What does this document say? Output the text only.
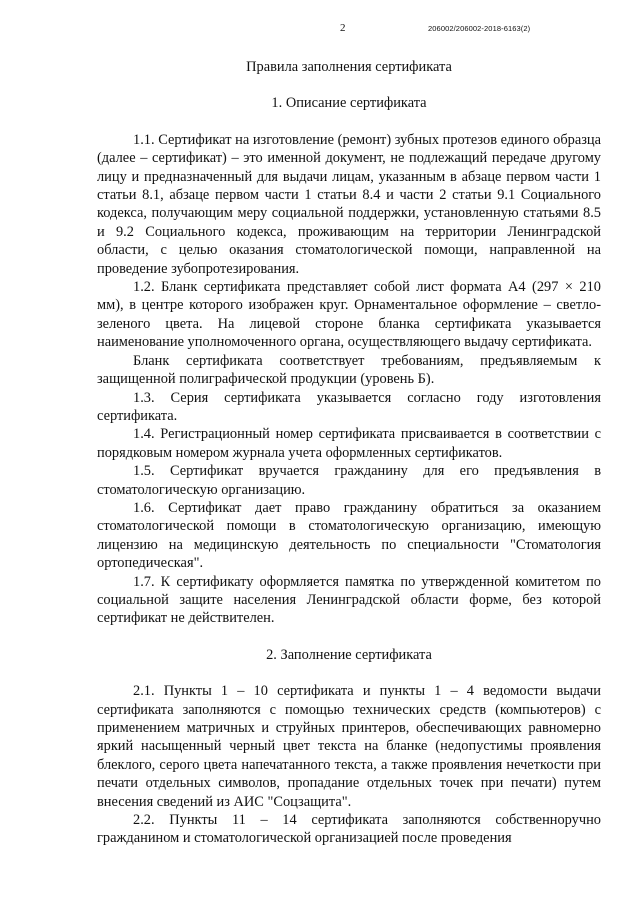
2	206002/206002-2018-6163(2)
Правила заполнения сертификата
1. Описание сертификата

1.1. Сертификат на изготовление (ремонт) зубных протезов единого образца (далее – сертификат) – это именной документ, не подлежащий передаче другому лицу и предназначенный для выдачи лицам, указанным в абзаце первом части 1 статьи 8.1, абзаце первом части 1 статьи 8.4 и части 2 статьи 9.1 Социального кодекса, получающим меру социальной поддержки, установленную статьями 8.5 и 9.2 Социального кодекса, проживающим на территории Ленинградской области, с целью оказания стоматологической помощи, направленной на проведение зубопротезирования.

1.2. Бланк сертификата представляет собой лист формата А4 (297 × 210 мм), в центре которого изображен круг. Орнаментальное оформление – светло-зеленого цвета. На лицевой стороне бланка сертификата указывается наименование уполномоченного органа, осуществляющего выдачу сертификата.

Бланк сертификата соответствует требованиям, предъявляемым к защищенной полиграфической продукции (уровень Б).

1.3. Серия сертификата указывается согласно году изготовления сертификата.

1.4. Регистрационный номер сертификата присваивается в соответствии с порядковым номером журнала учета оформленных сертификатов.

1.5. Сертификат вручается гражданину для его предъявления в стоматологическую организацию.

1.6. Сертификат дает право гражданину обратиться за оказанием стоматологической помощи в стоматологическую организацию, имеющую лицензию на медицинскую деятельность по специальности "Стоматология ортопедическая".

1.7. К сертификату оформляется памятка по утвержденной комитетом по социальной защите населения Ленинградской области форме, без которой сертификат не действителен.

2. Заполнение сертификата

2.1. Пункты 1 – 10 сертификата и пункты 1 – 4 ведомости выдачи сертификата заполняются с помощью технических средств (компьютеров) с применением матричных и струйных принтеров, обеспечивающих равномерно яркий насыщенный черный цвет текста на бланке (недопустимы проявления блеклого, серого цвета напечатанного текста, а также проявления нечеткости при печати отдельных символов, пропадание отдельных точек при печати) путем внесения сведений из АИС "Соцзащита".

2.2. Пункты 11 – 14 сертификата заполняются собственноручно гражданином и стоматологической организацией после проведения
